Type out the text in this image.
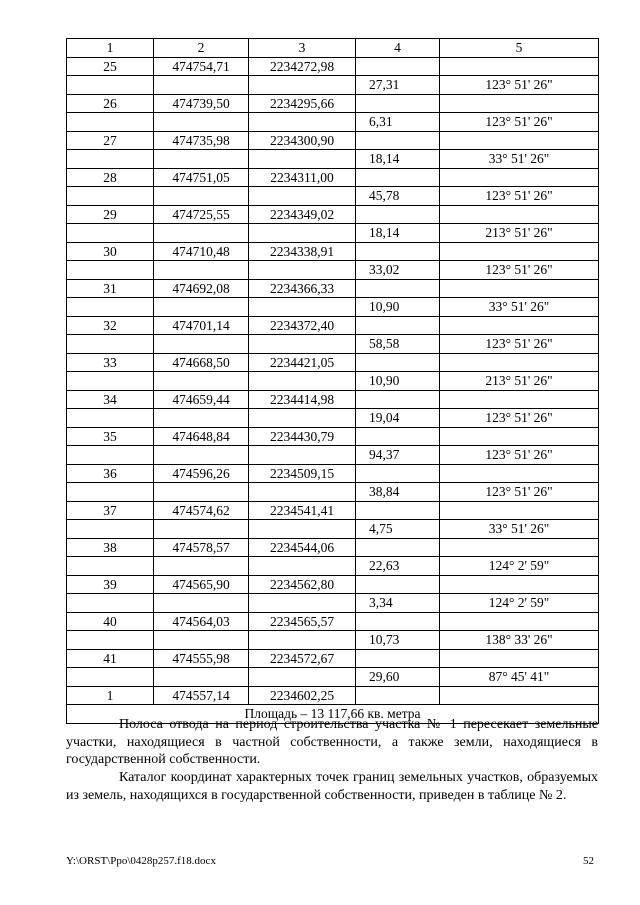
1	2	3	4	5
25	474754,71	2234272,98		
			27,31	123° 51' 26"
26	474739,50	2234295,66		
			6,31	123° 51' 26"
27	474735,98	2234300,90		
			18,14	33° 51' 26"
28	474751,05	2234311,00		
			45,78	123° 51' 26"
29	474725,55	2234349,02		
			18,14	213° 51' 26"
30	474710,48	2234338,91		
			33,02	123° 51' 26"
31	474692,08	2234366,33		
			10,90	33° 51' 26"
32	474701,14	2234372,40		
			58,58	123° 51' 26"
33	474668,50	2234421,05		
			10,90	213° 51' 26"
34	474659,44	2234414,98		
			19,04	123° 51' 26"
35	474648,84	2234430,79		
			94,37	123° 51' 26"
36	474596,26	2234509,15		
			38,84	123° 51' 26"
37	474574,62	2234541,41		
			4,75	33° 51' 26"
38	474578,57	2234544,06		
			22,63	124° 2' 59"
39	474565,90	2234562,80		
			3,34	124° 2' 59"
40	474564,03	2234565,57		
			10,73	138° 33' 26"
41	474555,98	2234572,67		
			29,60	87° 45' 41"
1	474557,14	2234602,25		
Площадь – 13 117,66 кв. метра				

Полоса отвода на период строительства участка № 1 пересекает земельные участки, находящиеся в частной собственности, а также земли, находящиеся в государственной собственности.

Каталог координат характерных точек границ земельных участков, образуемых из земель, находящихся в государственной собственности, приведен в таблице № 2.

Y:\ORST\Ppo\0428p257.f18.docx	52
